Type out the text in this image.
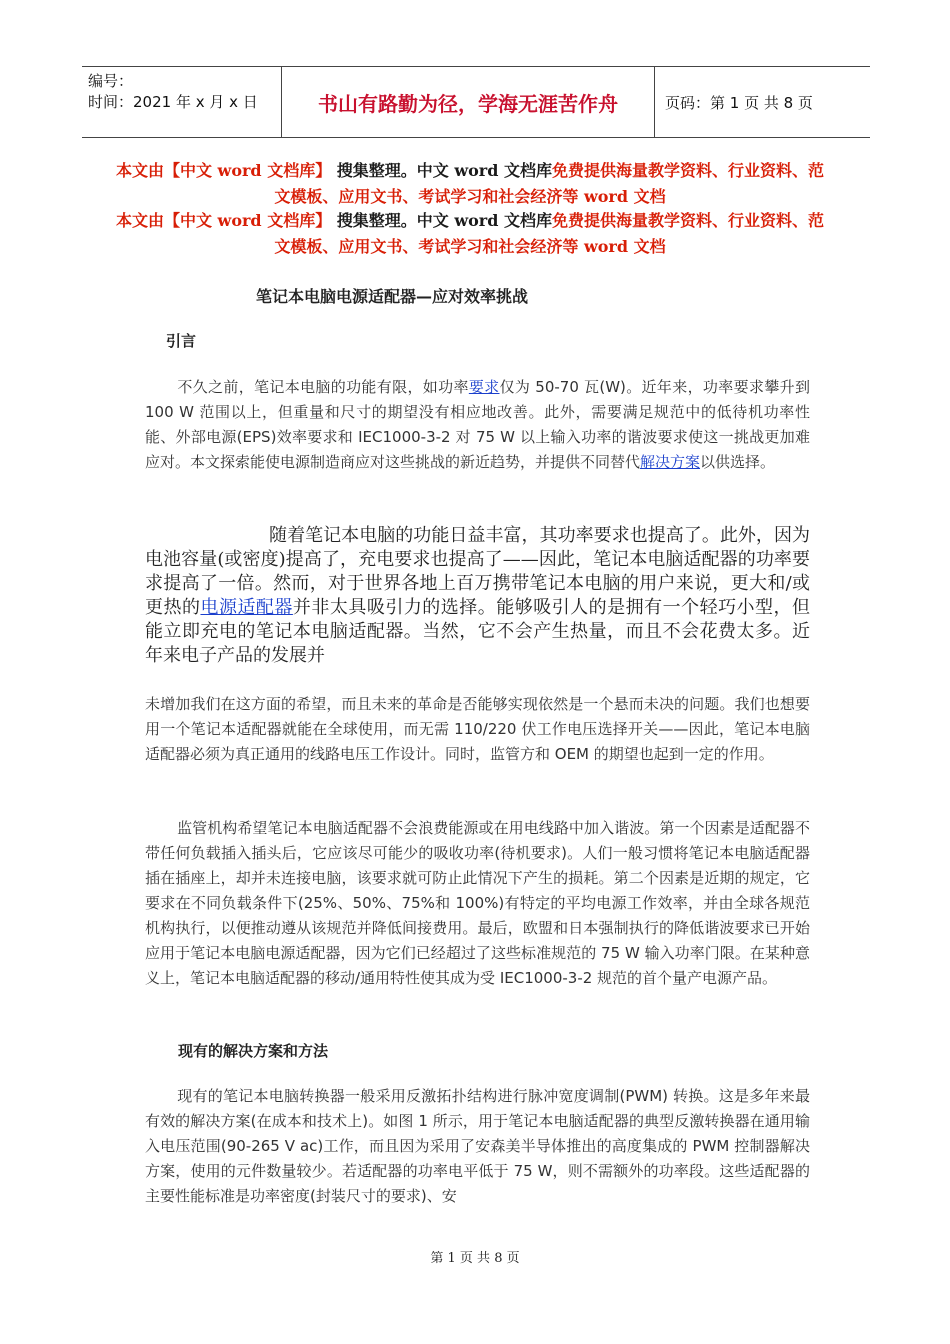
编号：
时间：2021 年 x 月 x 日	书山有路勤为径，学海无涯苦作舟	页码：第 1 页 共 8 页
本文由【中文 word 文档库】 搜集整理。中文 word 文档库免费提供海量教学资料、行业资料、范文模板、应用文书、考试学习和社会经济等 word 文档
本文由【中文 word 文档库】 搜集整理。中文 word 文档库免费提供海量教学资料、行业资料、范文模板、应用文书、考试学习和社会经济等 word 文档
笔记本电脑电源适配器—应对效率挑战
引言

不久之前，笔记本电脑的功能有限，如功率要求仅为 50-70 瓦(W)。近年来，功率要求攀升到 100 W 范围以上，但重量和尺寸的期望没有相应地改善。此外，需要满足规范中的低待机功率性能、外部电源(EPS)效率要求和 IEC1000-3-2 对 75 W 以上输入功率的谐波要求使这一挑战更加难应对。本文探索能使电源制造商应对这些挑战的新近趋势，并提供不同替代解决方案以供选择。

随着笔记本电脑的功能日益丰富，其功率要求也提高了。此外，因为电池容量(或密度)提高了，充电要求也提高了——因此，笔记本电脑适配器的功率要求提高了一倍。然而，对于世界各地上百万携带笔记本电脑的用户来说，更大和/或更热的电源适配器并非太具吸引力的选择。能够吸引人的是拥有一个轻巧小型，但能立即充电的笔记本电脑适配器。当然，它不会产生热量，而且不会花费太多。近年来电子产品的发展并

未增加我们在这方面的希望，而且未来的革命是否能够实现依然是一个悬而未决的问题。我们也想要用一个笔记本适配器就能在全球使用，而无需 110/220 伏工作电压选择开关——因此，笔记本电脑适配器必须为真正通用的线路电压工作设计。同时，监管方和 OEM 的期望也起到一定的作用。

监管机构希望笔记本电脑适配器不会浪费能源或在用电线路中加入谐波。第一个因素是适配器不带任何负载插入插头后，它应该尽可能少的吸收功率(待机要求)。人们一般习惯将笔记本电脑适配器插在插座上，却并未连接电脑，该要求就可防止此情况下产生的损耗。第二个因素是近期的规定，它要求在不同负载条件下(25%、50%、75%和 100%)有特定的平均电源工作效率，并由全球各规范机构执行，以便推动遵从该规范并降低间接费用。最后，欧盟和日本强制执行的降低谐波要求已开始应用于笔记本电脑电源适配器，因为它们已经超过了这些标准规范的 75 W 输入功率门限。在某种意义上，笔记本电脑适配器的移动/通用特性使其成为受 IEC1000-3-2 规范的首个量产电源产品。

现有的解决方案和方法

现有的笔记本电脑转换器一般采用反激拓扑结构进行脉冲宽度调制(PWM) 转换。这是多年来最有效的解决方案(在成本和技术上)。如图 1 所示，用于笔记本电脑适配器的典型反激转换器在通用输入电压范围(90-265 V ac)工作，而且因为采用了安森美半导体推出的高度集成的 PWM 控制器解决方案，使用的元件数量较少。若适配器的功率电平低于 75 W，则不需额外的功率段。这些适配器的主要性能标准是功率密度(封装尺寸的要求)、安

第 1 页 共 8 页
